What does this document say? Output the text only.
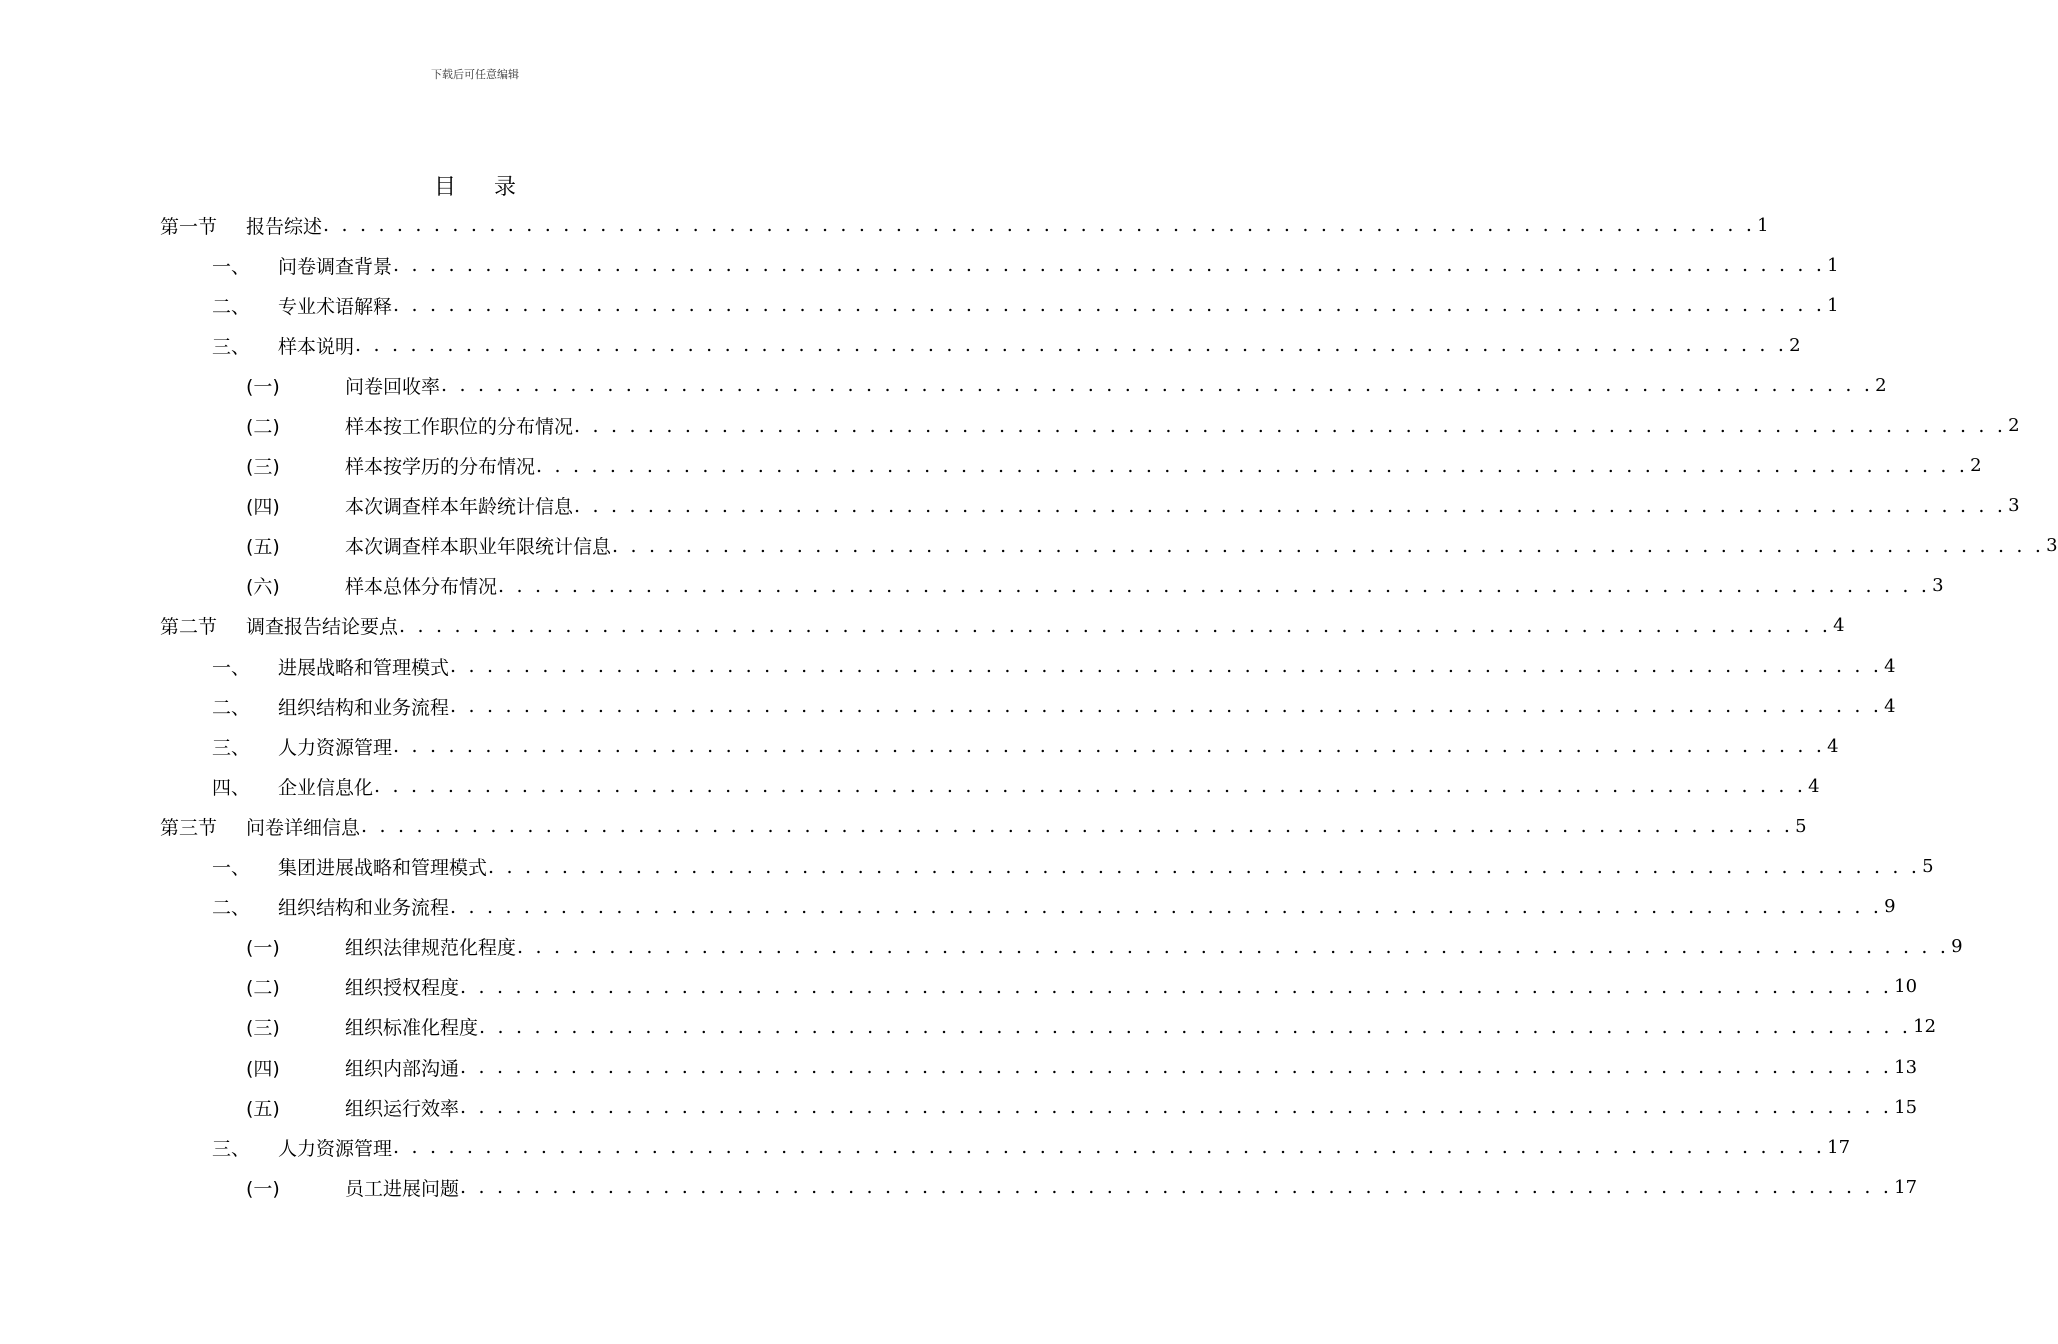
下载后可任意编辑
目录
第一节	报告综述 . . . . . . . . . . . . . . . . . . . . . . . . . . . . . . . . . . . . . . . . . . . . . . . . . . . . . . . . . . . . . . . . . . . . . . . . . . . . . . 1
一、	问卷调查背景 . . . . . . . . . . . . . . . . . . . . . . . . . . . . . . . . . . . . . . . . . . . . . . . . . . . . . . . . . . . . . . . . . . . . . . . . . . . . . . 1
二、	专业术语解释 . . . . . . . . . . . . . . . . . . . . . . . . . . . . . . . . . . . . . . . . . . . . . . . . . . . . . . . . . . . . . . . . . . . . . . . . . . . . . . 1
三、	样本说明 . . . . . . . . . . . . . . . . . . . . . . . . . . . . . . . . . . . . . . . . . . . . . . . . . . . . . . . . . . . . . . . . . . . . . . . . . . . . . . 2
(一)	问卷回收率 . . . . . . . . . . . . . . . . . . . . . . . . . . . . . . . . . . . . . . . . . . . . . . . . . . . . . . . . . . . . . . . . . . . . . . . . . . . . . . 2
(二)	样本按工作职位的分布情况 . . . . . . . . . . . . . . . . . . . . . . . . . . . . . . . . . . . . . . . . . . . . . . . . . . . . . . . . . . . . . . . . . . . . . . . . . . . . . . 2
(三)	样本按学历的分布情况 . . . . . . . . . . . . . . . . . . . . . . . . . . . . . . . . . . . . . . . . . . . . . . . . . . . . . . . . . . . . . . . . . . . . . . . . . . . . . . 2
(四)	本次调查样本年龄统计信息 . . . . . . . . . . . . . . . . . . . . . . . . . . . . . . . . . . . . . . . . . . . . . . . . . . . . . . . . . . . . . . . . . . . . . . . . . . . . . . 3
(五)	本次调查样本职业年限统计信息 . . . . . . . . . . . . . . . . . . . . . . . . . . . . . . . . . . . . . . . . . . . . . . . . . . . . . . . . . . . . . . . . . . . . . . . . . . . . . . 3
(六)	样本总体分布情况 . . . . . . . . . . . . . . . . . . . . . . . . . . . . . . . . . . . . . . . . . . . . . . . . . . . . . . . . . . . . . . . . . . . . . . . . . . . . . . 3
第二节	调查报告结论要点 . . . . . . . . . . . . . . . . . . . . . . . . . . . . . . . . . . . . . . . . . . . . . . . . . . . . . . . . . . . . . . . . . . . . . . . . . . . . . . 4
一、	进展战略和管理模式 . . . . . . . . . . . . . . . . . . . . . . . . . . . . . . . . . . . . . . . . . . . . . . . . . . . . . . . . . . . . . . . . . . . . . . . . . . . . . . 4
二、	组织结构和业务流程 . . . . . . . . . . . . . . . . . . . . . . . . . . . . . . . . . . . . . . . . . . . . . . . . . . . . . . . . . . . . . . . . . . . . . . . . . . . . . . 4
三、	人力资源管理 . . . . . . . . . . . . . . . . . . . . . . . . . . . . . . . . . . . . . . . . . . . . . . . . . . . . . . . . . . . . . . . . . . . . . . . . . . . . . . 4
四、	企业信息化 . . . . . . . . . . . . . . . . . . . . . . . . . . . . . . . . . . . . . . . . . . . . . . . . . . . . . . . . . . . . . . . . . . . . . . . . . . . . . . 4
第三节	问卷详细信息 . . . . . . . . . . . . . . . . . . . . . . . . . . . . . . . . . . . . . . . . . . . . . . . . . . . . . . . . . . . . . . . . . . . . . . . . . . . . . . 5
一、	集团进展战略和管理模式 . . . . . . . . . . . . . . . . . . . . . . . . . . . . . . . . . . . . . . . . . . . . . . . . . . . . . . . . . . . . . . . . . . . . . . . . . . . . . . 5
二、	组织结构和业务流程 . . . . . . . . . . . . . . . . . . . . . . . . . . . . . . . . . . . . . . . . . . . . . . . . . . . . . . . . . . . . . . . . . . . . . . . . . . . . . . 9
(一)	组织法律规范化程度 . . . . . . . . . . . . . . . . . . . . . . . . . . . . . . . . . . . . . . . . . . . . . . . . . . . . . . . . . . . . . . . . . . . . . . . . . . . . . . 9
(二)	组织授权程度 . . . . . . . . . . . . . . . . . . . . . . . . . . . . . . . . . . . . . . . . . . . . . . . . . . . . . . . . . . . . . . . . . . . . . . . . . . . . . . 10
(三)	组织标准化程度 . . . . . . . . . . . . . . . . . . . . . . . . . . . . . . . . . . . . . . . . . . . . . . . . . . . . . . . . . . . . . . . . . . . . . . . . . . . . . . 12
(四)	组织内部沟通 . . . . . . . . . . . . . . . . . . . . . . . . . . . . . . . . . . . . . . . . . . . . . . . . . . . . . . . . . . . . . . . . . . . . . . . . . . . . . . 13
(五)	组织运行效率 . . . . . . . . . . . . . . . . . . . . . . . . . . . . . . . . . . . . . . . . . . . . . . . . . . . . . . . . . . . . . . . . . . . . . . . . . . . . . . 15
三、	人力资源管理 . . . . . . . . . . . . . . . . . . . . . . . . . . . . . . . . . . . . . . . . . . . . . . . . . . . . . . . . . . . . . . . . . . . . . . . . . . . . . . 17
(一)	员工进展问题 . . . . . . . . . . . . . . . . . . . . . . . . . . . . . . . . . . . . . . . . . . . . . . . . . . . . . . . . . . . . . . . . . . . . . . . . . . . . . . 17
